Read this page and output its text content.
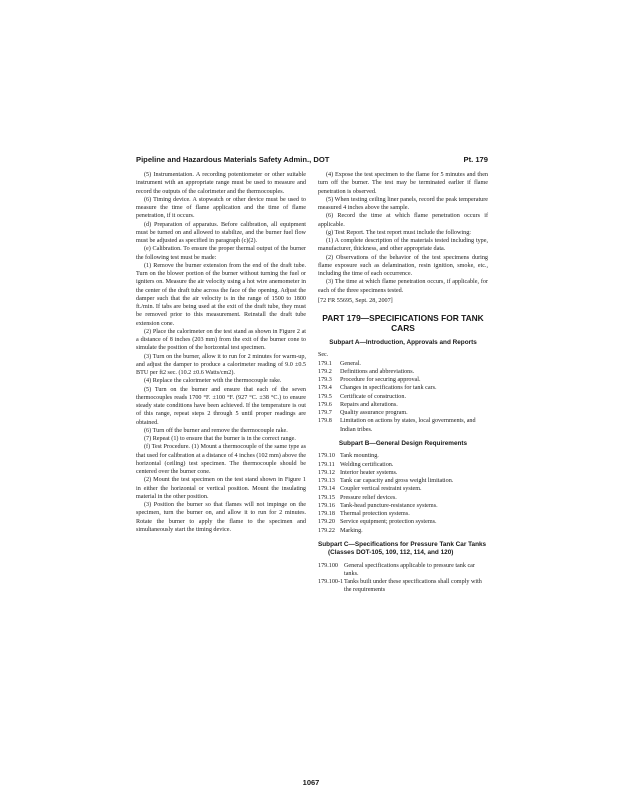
Pipeline and Hazardous Materials Safety Admin., DOT	Pt. 179

(5) Instrumentation. A recording potentiometer or other suitable instrument with an appropriate range must be used to measure and record the outputs of the calorimeter and the thermocouples.

(6) Timing device. A stopwatch or other device must be used to measure the time of flame application and the time of flame penetration, if it occurs.

(d) Preparation of apparatus. Before calibration, all equipment must be turned on and allowed to stabilize, and the burner fuel flow must be adjusted as specified in paragraph (c)(2).

(e) Calibration. To ensure the proper thermal output of the burner the following test must be made:

(1) Remove the burner extension from the end of the draft tube. Turn on the blower portion of the burner without turning the fuel or igniters on. Measure the air velocity using a hot wire anemometer in the center of the draft tube across the face of the opening. Adjust the damper such that the air velocity is in the range of 1500 to 1800 ft./min. If tabs are being used at the exit of the draft tube, they must be removed prior to this measurement. Reinstall the draft tube extension cone.

(2) Place the calorimeter on the test stand as shown in Figure 2 at a distance of 8 inches (203 mm) from the exit of the burner cone to simulate the position of the horizontal test specimen.

(3) Turn on the burner, allow it to run for 2 minutes for warm-up, and adjust the damper to produce a calorimeter reading of 9.0 ±0.5 BTU per ft2 sec. (10.2 ±0.6 Watts/cm2).

(4) Replace the calorimeter with the thermocouple rake.

(5) Turn on the burner and ensure that each of the seven thermocouples reads 1700 °F. ±100 °F. (927 °C. ±38 °C.) to ensure steady state conditions have been achieved. If the temperature is out of this range, repeat steps 2 through 5 until proper readings are obtained.

(6) Turn off the burner and remove the thermocouple rake.

(7) Repeat (1) to ensure that the burner is in the correct range.

(f) Test Procedure. (1) Mount a thermocouple of the same type as that used for calibration at a distance of 4 inches (102 mm) above the horizontal (ceiling) test specimen. The thermocouple should be centered over the burner cone.

(2) Mount the test specimen on the test stand shown in Figure 1 in either the horizontal or vertical position. Mount the insulating material in the other position.

(3) Position the burner so that flames will not impinge on the specimen, turn the burner on, and allow it to run for 2 minutes. Rotate the burner to apply the flame to the specimen and simultaneously start the timing device.

(4) Expose the test specimen to the flame for 5 minutes and then turn off the burner. The test may be terminated earlier if flame penetration is observed.

(5) When testing ceiling liner panels, record the peak temperature measured 4 inches above the sample.

(6) Record the time at which flame penetration occurs if applicable.

(g) Test Report. The test report must include the following:

(1) A complete description of the materials tested including type, manufacturer, thickness, and other appropriate data.

(2) Observations of the behavior of the test specimens during flame exposure such as delamination, resin ignition, smoke, etc., including the time of each occurrence.

(3) The time at which flame penetration occurs, if applicable, for each of the three specimens tested.

[72 FR 55695, Sept. 28, 2007]

PART 179—SPECIFICATIONS FOR TANK CARS
Subpart A—Introduction, Approvals and Reports

Sec.

179.1	General.
179.2	Definitions and abbreviations.
179.3	Procedure for securing approval.
179.4	Changes in specifications for tank cars.
179.5	Certificate of construction.
179.6	Repairs and alterations.
179.7	Quality assurance program.
179.8	Limitation on actions by states, local governments, and Indian tribes.
Subpart B—General Design Requirements
179.10 Tank mounting.
179.11 Welding certification.
179.12 Interior heater systems.
179.13 Tank car capacity and gross weight limitation.
179.14 Coupler vertical restraint system.
179.15 Pressure relief devices.
179.16 Tank-head puncture-resistance systems.
179.18 Thermal protection systems.
179.20 Service equipment; protection systems.
179.22 Marking.
Subpart C—Specifications for Pressure Tank Car Tanks (Classes DOT-105, 109, 112, 114, and 120)
179.100 General specifications applicable to pressure tank car tanks.
179.100-1 Tanks built under these specifications shall comply with the requirements
1067
